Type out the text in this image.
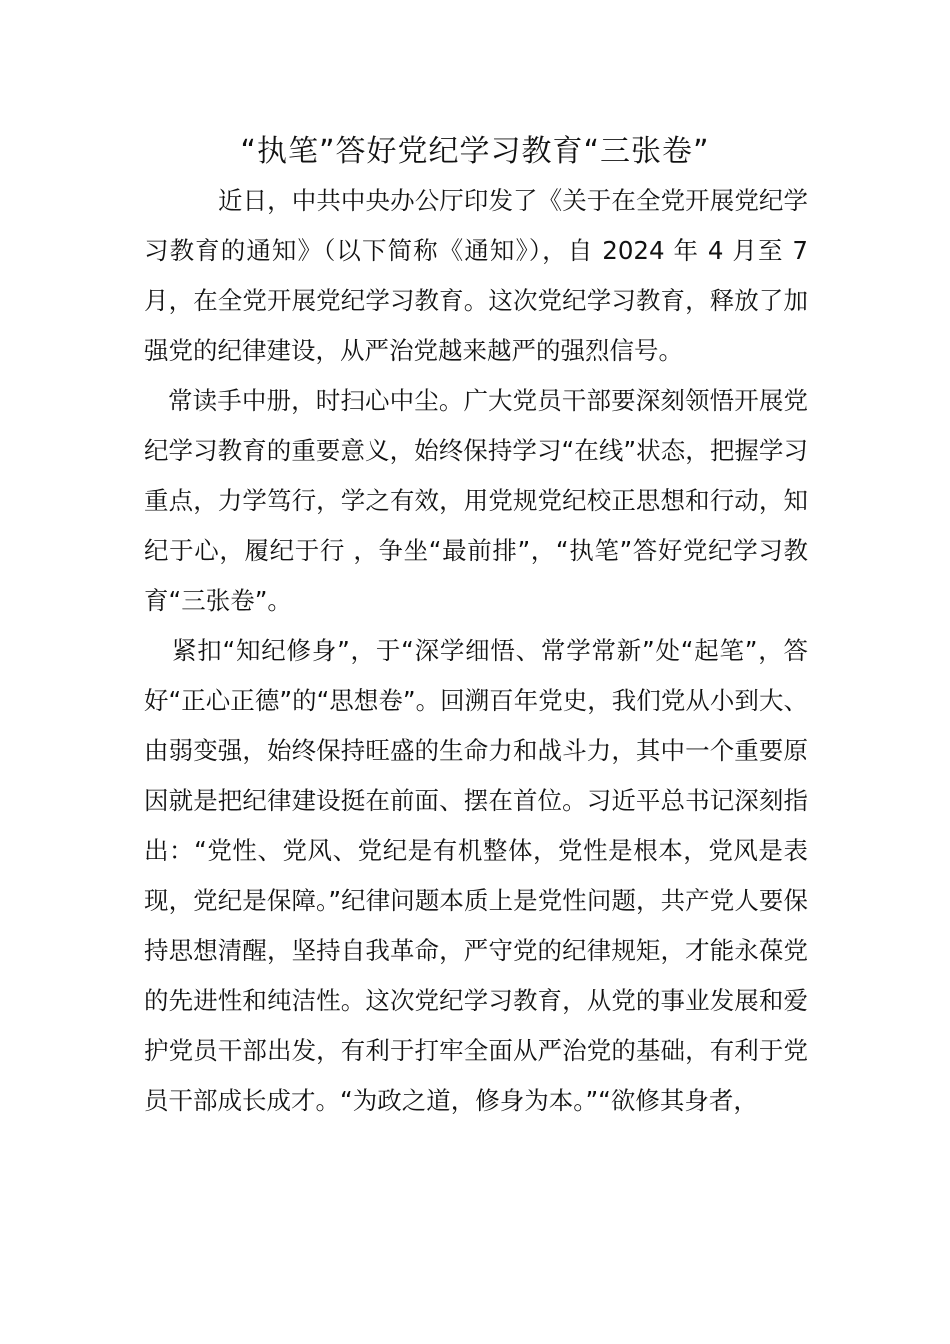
“执笔”答好党纪学习教育“三张卷”

近日，中共中央办公厅印发了《关于在全党开展党纪学习教育的通知》（以下简称《通知》），自 2024 年 4 月至 7 月，在全党开展党纪学习教育。这次党纪学习教育，释放了加强党的纪律建设，从严治党越来越严的强烈信号。

常读手中册，时扫心中尘。广大党员干部要深刻领悟开展党纪学习教育的重要意义，始终保持学习“在线”状态，把握学习重点，力学笃行，学之有效，用党规党纪校正思想和行动，知纪于心，履纪于行 ，争坐“最前排”，“执笔”答好党纪学习教育“三张卷”。

紧扣“知纪修身”，于“深学细悟、常学常新”处“起笔”，答好“正心正德”的“思想卷”。回溯百年党史，我们党从小到大、由弱变强，始终保持旺盛的生命力和战斗力，其中一个重要原因就是把纪律建设挺在前面、摆在首位。习近平总书记深刻指出：“党性、党风、党纪是有机整体，党性是根本，党风是表现，党纪是保障。”纪律问题本质上是党性问题，共产党人要保持思想清醒，坚持自我革命，严守党的纪律规矩，才能永葆党的先进性和纯洁性。这次党纪学习教育，从党的事业发展和爱护党员干部出发，有利于打牢全面从严治党的基础，有利于党员干部成长成才。“为政之道，修身为本。”“欲修其身者，
